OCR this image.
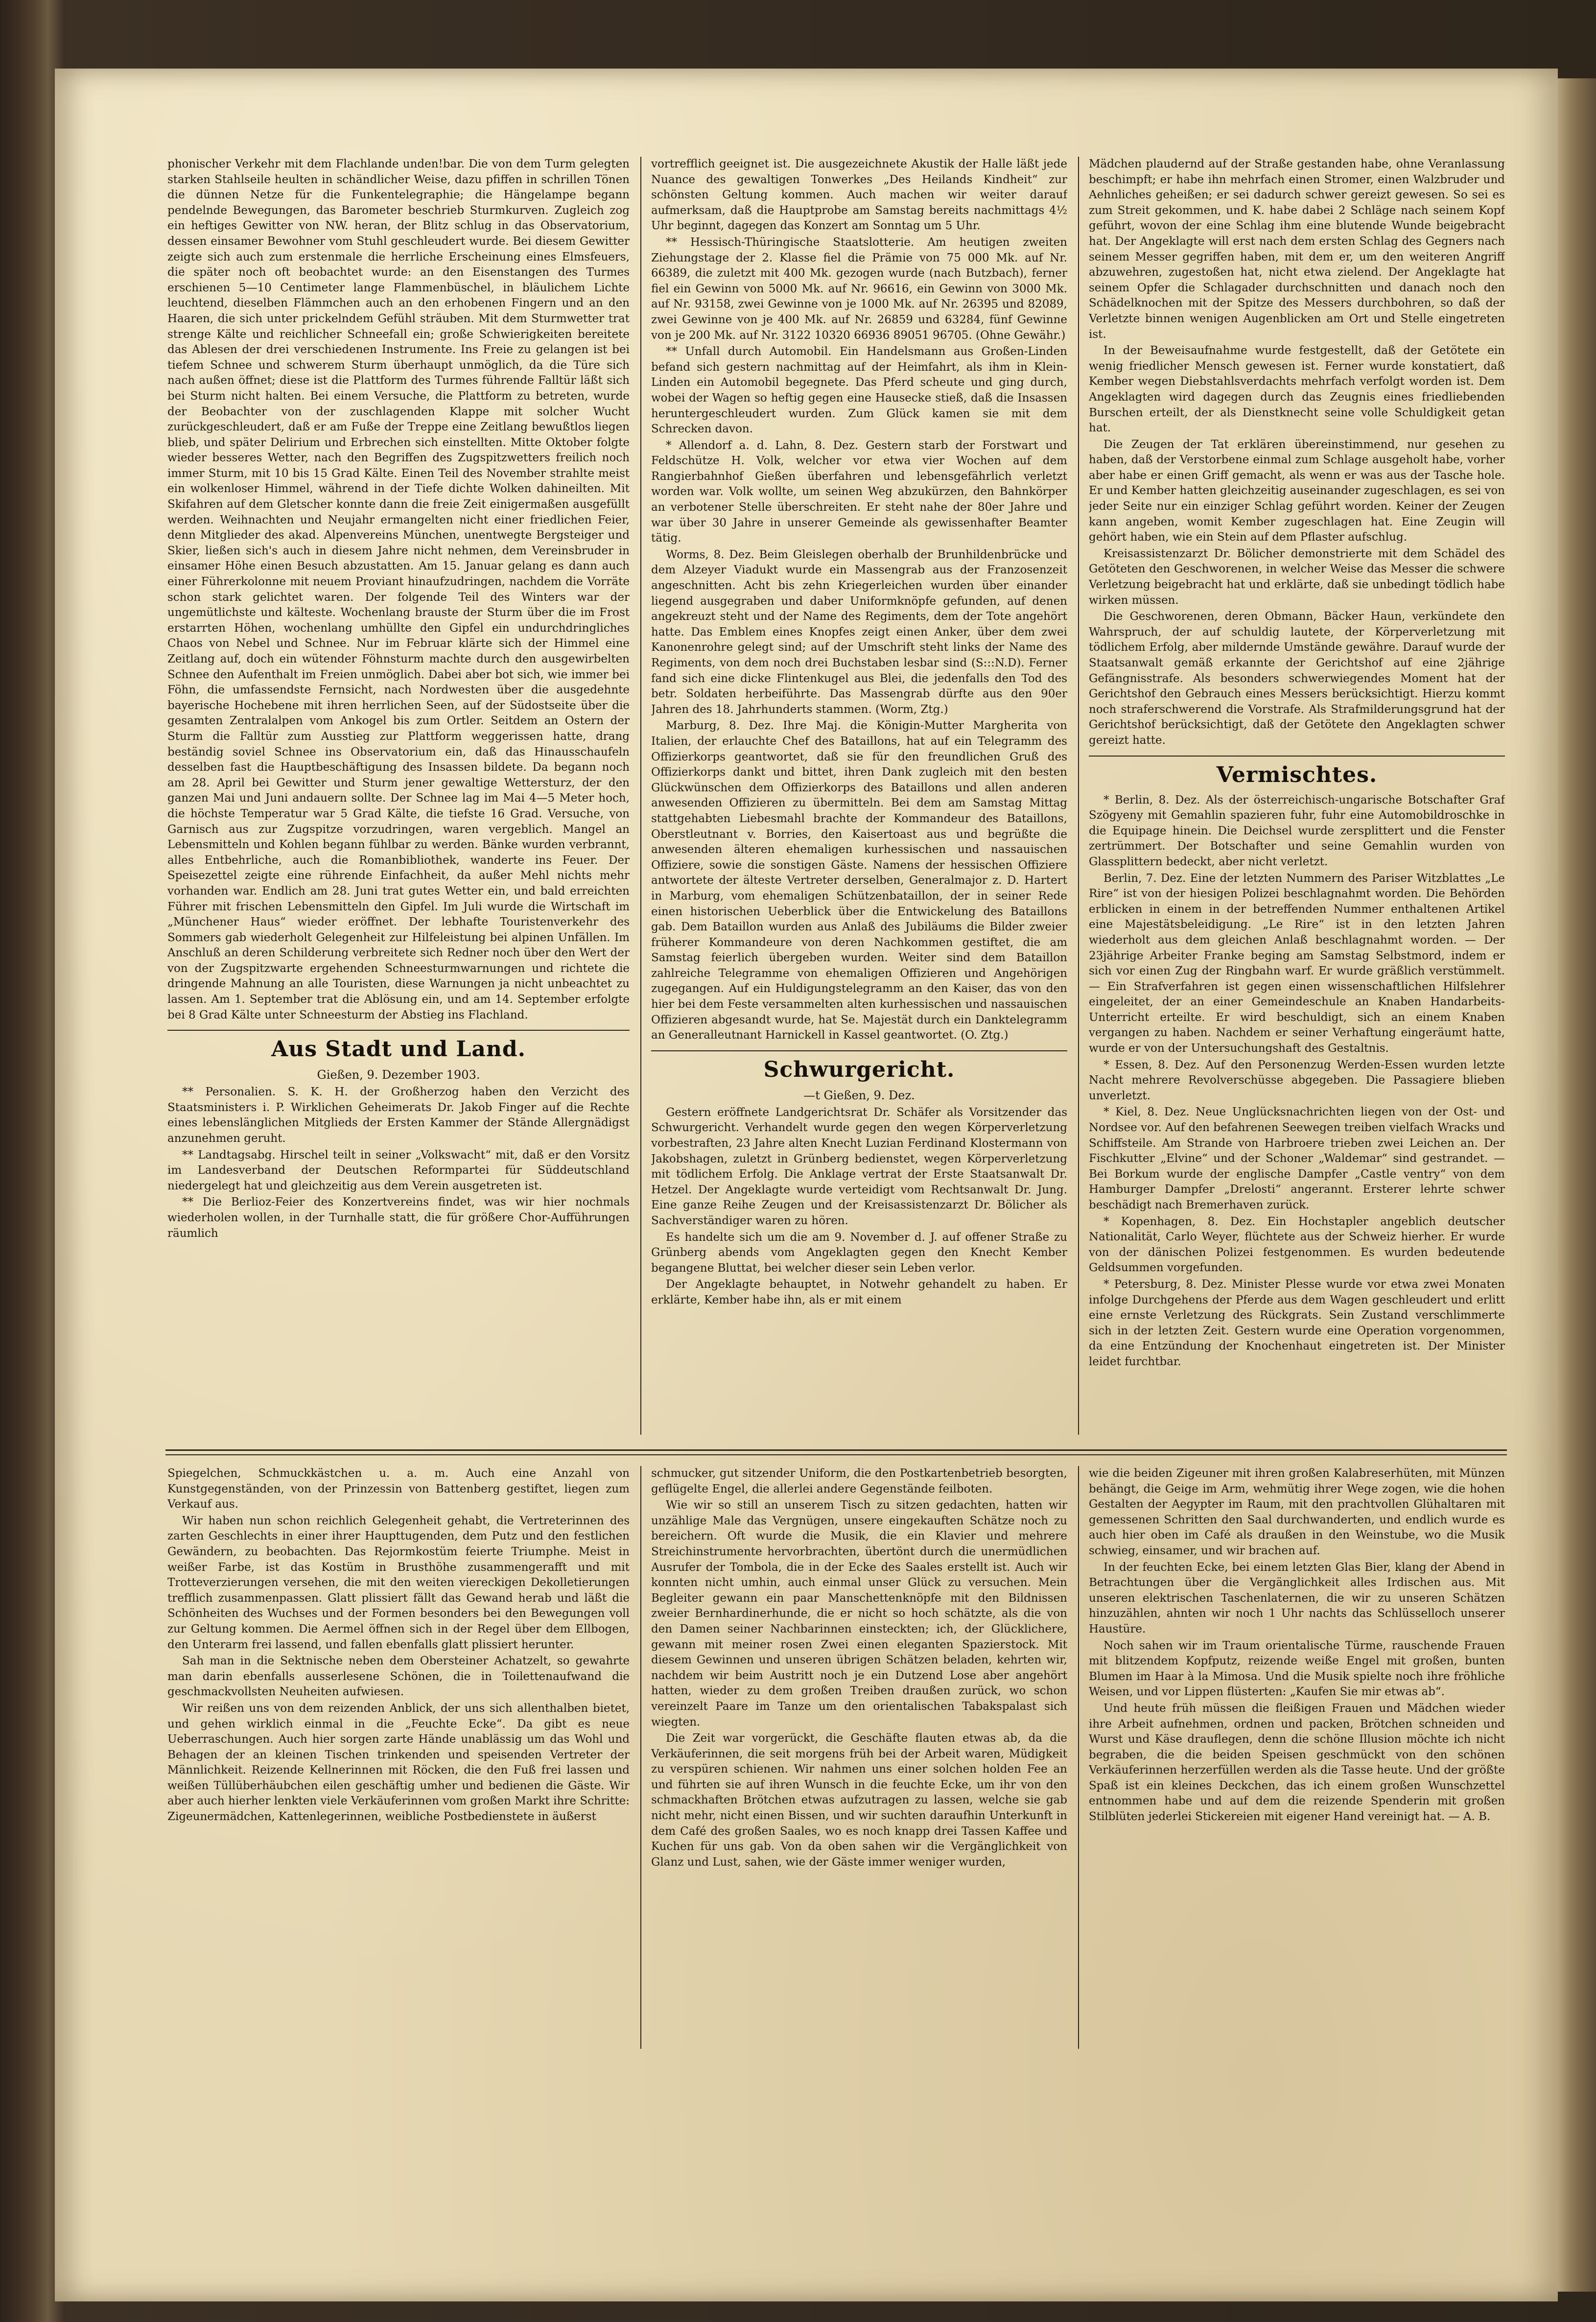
phonischer Verkehr mit dem Flachlande unden!bar. Die von dem Turm gelegten starken Stahlseile heulten in schändlicher Weise, dazu pfiffen in schrillen Tönen die dünnen Netze für die Funkentelegraphie; die Hängelampe begann pendelnde Bewegungen, das Barometer beschrieb Sturmkurven. Zugleich zog ein heftiges Gewitter von NW. heran, der Blitz schlug in das Observatorium, dessen einsamer Bewohner vom Stuhl geschleudert wurde. Bei diesem Gewitter zeigte sich auch zum erstenmale die herrliche Erscheinung eines Elmsfeuers, die später noch oft beobachtet wurde: an den Eisenstangen des Turmes erschienen 5—10 Centimeter lange Flammenbüschel, in bläulichem Lichte leuchtend, dieselben Flämmchen auch an den erhobenen Fingern und an den Haaren, die sich unter prickelndem Gefühl sträuben. Mit dem Sturmwetter trat strenge Kälte und reichlicher Schneefall ein; große Schwierigkeiten bereitete das Ablesen der drei verschiedenen Instrumente. Ins Freie zu gelangen ist bei tiefem Schnee und schwerem Sturm überhaupt unmöglich, da die Türe sich nach außen öffnet; diese ist die Plattform des Turmes führende Falltür läßt sich bei Sturm nicht halten. Bei einem Versuche, die Plattform zu betreten, wurde der Beobachter von der zuschlagenden Klappe mit solcher Wucht zurückgeschleudert, daß er am Fuße der Treppe eine Zeitlang bewußtlos liegen blieb, und später Delirium und Erbrechen sich einstellten. Mitte Oktober folgte wieder besseres Wetter, nach den Begriffen des Zugspitzwetters freilich noch immer Sturm, mit 10 bis 15 Grad Kälte. Einen Teil des November strahlte meist ein wolkenloser Himmel, während in der Tiefe dichte Wolken dahineilten. Mit Skifahren auf dem Gletscher konnte dann die freie Zeit einigermaßen ausgefüllt werden. Weihnachten und Neujahr ermangelten nicht einer friedlichen Feier, denn Mitglieder des akad. Alpenvereins München, unentwegte Bergsteiger und Skier, ließen sich's auch in diesem Jahre nicht nehmen, dem Vereinsbruder in einsamer Höhe einen Besuch abzustatten. Am 15. Januar gelang es dann auch einer Führerkolonne mit neuem Proviant hinaufzudringen, nachdem die Vorräte schon stark gelichtet waren. Der folgende Teil des Winters war der ungemütlichste und kälteste. Wochenlang brauste der Sturm über die im Frost erstarrten Höhen, wochenlang umhüllte den Gipfel ein undurchdringliches Chaos von Nebel und Schnee. Nur im Februar klärte sich der Himmel eine Zeitlang auf, doch ein wütender Föhnsturm machte durch den ausgewirbelten Schnee den Aufenthalt im Freien unmöglich. Dabei aber bot sich, wie immer bei Föhn, die umfassendste Fernsicht, nach Nordwesten über die ausgedehnte bayerische Hochebene mit ihren herrlichen Seen, auf der Südostseite über die gesamten Zentralalpen vom Ankogel bis zum Ortler. Seitdem an Ostern der Sturm die Falltür zum Ausstieg zur Plattform weggerissen hatte, drang beständig soviel Schnee ins Observatorium ein, daß das Hinausschaufeln desselben fast die Hauptbeschäftigung des Insassen bildete. Da begann noch am 28. April bei Gewitter und Sturm jener gewaltige Wettersturz, der den ganzen Mai und Juni andauern sollte. Der Schnee lag im Mai 4—5 Meter hoch, die höchste Temperatur war 5 Grad Kälte, die tiefste 16 Grad. Versuche, von Garnisch aus zur Zugspitze vorzudringen, waren vergeblich. Mangel an Lebensmitteln und Kohlen begann fühlbar zu werden. Bänke wurden verbrannt, alles Entbehrliche, auch die Romanbibliothek, wanderte ins Feuer. Der Speisezettel zeigte eine rührende Einfachheit, da außer Mehl nichts mehr vorhanden war. Endlich am 28. Juni trat gutes Wetter ein, und bald erreichten Führer mit frischen Lebensmitteln den Gipfel. Im Juli wurde die Wirtschaft im „Münchener Haus“ wieder eröffnet. Der lebhafte Touristenverkehr des Sommers gab wiederholt Gelegenheit zur Hilfeleistung bei alpinen Unfällen. Im Anschluß an deren Schilderung verbreitete sich Redner noch über den Wert der von der Zugspitzwarte ergehenden Schneesturmwarnungen und richtete die dringende Mahnung an alle Touristen, diese Warnungen ja nicht unbeachtet zu lassen. Am 1. September trat die Ablösung ein, und am 14. September erfolgte bei 8 Grad Kälte unter Schneesturm der Abstieg ins Flachland.

Aus Stadt und Land.
Gießen, 9. Dezember 1903.

** Personalien. S. K. H. der Großherzog haben den Verzicht des Staatsministers i. P. Wirklichen Geheimerats Dr. Jakob Finger auf die Rechte eines lebenslänglichen Mitglieds der Ersten Kammer der Stände Allergnädigst anzunehmen geruht.

** Landtagsabg. Hirschel teilt in seiner „Volkswacht“ mit, daß er den Vorsitz im Landesverband der Deutschen Reformpartei für Süddeutschland niedergelegt hat und gleichzeitig aus dem Verein ausgetreten ist.

** Die Berlioz-Feier des Konzertvereins findet, was wir hier nochmals wiederholen wollen, in der Turnhalle statt, die für größere Chor-Aufführungen räumlich

vortrefflich geeignet ist. Die ausgezeichnete Akustik der Halle läßt jede Nuance des gewaltigen Tonwerkes „Des Heilands Kindheit“ zur schönsten Geltung kommen. Auch machen wir weiter darauf aufmerksam, daß die Hauptprobe am Samstag bereits nachmittags 4½ Uhr beginnt, dagegen das Konzert am Sonntag um 5 Uhr.

** Hessisch-Thüringische Staatslotterie. Am heutigen zweiten Ziehungstage der 2. Klasse fiel die Prämie von 75 000 Mk. auf Nr. 66389, die zuletzt mit 400 Mk. gezogen wurde (nach Butzbach), ferner fiel ein Gewinn von 5000 Mk. auf Nr. 96616, ein Gewinn von 3000 Mk. auf Nr. 93158, zwei Gewinne von je 1000 Mk. auf Nr. 26395 und 82089, zwei Gewinne von je 400 Mk. auf Nr. 26859 und 63284, fünf Gewinne von je 200 Mk. auf Nr. 3122 10320 66936 89051 96705. (Ohne Gewähr.)

** Unfall durch Automobil. Ein Handelsmann aus Großen-Linden befand sich gestern nachmittag auf der Heimfahrt, als ihm in Klein-Linden ein Automobil begegnete. Das Pferd scheute und ging durch, wobei der Wagen so heftig gegen eine Hausecke stieß, daß die Insassen heruntergeschleudert wurden. Zum Glück kamen sie mit dem Schrecken davon.

* Allendorf a. d. Lahn, 8. Dez. Gestern starb der Forstwart und Feldschütze H. Volk, welcher vor etwa vier Wochen auf dem Rangierbahnhof Gießen überfahren und lebensgefährlich verletzt worden war. Volk wollte, um seinen Weg abzukürzen, den Bahnkörper an verbotener Stelle überschreiten. Er steht nahe der 80er Jahre und war über 30 Jahre in unserer Gemeinde als gewissenhafter Beamter tätig.

Worms, 8. Dez. Beim Gleislegen oberhalb der Brunhildenbrücke und dem Alzeyer Viadukt wurde ein Massengrab aus der Franzosenzeit angeschnitten. Acht bis zehn Kriegerleichen wurden über einander liegend ausgegraben und daber Uniformknöpfe gefunden, auf denen angekreuzt steht und der Name des Regiments, dem der Tote angehört hatte. Das Emblem eines Knopfes zeigt einen Anker, über dem zwei Kanonenrohre gelegt sind; auf der Umschrift steht links der Name des Regiments, von dem noch drei Buchstaben lesbar sind (S:::N.D). Ferner fand sich eine dicke Flintenkugel aus Blei, die jedenfalls den Tod des betr. Soldaten herbeiführte. Das Massengrab dürfte aus den 90er Jahren des 18. Jahrhunderts stammen. (Worm, Ztg.)

Marburg, 8. Dez. Ihre Maj. die Königin-Mutter Margherita von Italien, der erlauchte Chef des Bataillons, hat auf ein Telegramm des Offizierkorps geantwortet, daß sie für den freundlichen Gruß des Offizierkorps dankt und bittet, ihren Dank zugleich mit den besten Glückwünschen dem Offizierkorps des Bataillons und allen anderen anwesenden Offizieren zu übermitteln. Bei dem am Samstag Mittag stattgehabten Liebesmahl brachte der Kommandeur des Bataillons, Oberstleutnant v. Borries, den Kaisertoast aus und begrüßte die anwesenden älteren ehemaligen kurhessischen und nassauischen Offiziere, sowie die sonstigen Gäste. Namens der hessischen Offiziere antwortete der älteste Vertreter derselben, Generalmajor z. D. Hartert in Marburg, vom ehemaligen Schützenbataillon, der in seiner Rede einen historischen Ueberblick über die Entwickelung des Bataillons gab. Dem Bataillon wurden aus Anlaß des Jubiläums die Bilder zweier früherer Kommandeure von deren Nachkommen gestiftet, die am Samstag feierlich übergeben wurden. Weiter sind dem Bataillon zahlreiche Telegramme von ehemaligen Offizieren und Angehörigen zugegangen. Auf ein Huldigungstelegramm an den Kaiser, das von den hier bei dem Feste versammelten alten kurhessischen und nassauischen Offizieren abgesandt wurde, hat Se. Majestät durch ein Danktelegramm an Generalleutnant Harnickell in Kassel geantwortet. (O. Ztg.)

Schwurgericht.
—t Gießen, 9. Dez.

Gestern eröffnete Landgerichtsrat Dr. Schäfer als Vorsitzender das Schwurgericht. Verhandelt wurde gegen den wegen Körperverletzung vorbestraften, 23 Jahre alten Knecht Luzian Ferdinand Klostermann von Jakobshagen, zuletzt in Grünberg bedienstet, wegen Körperverletzung mit tödlichem Erfolg. Die Anklage vertrat der Erste Staatsanwalt Dr. Hetzel. Der Angeklagte wurde verteidigt vom Rechtsanwalt Dr. Jung. Eine ganze Reihe Zeugen und der Kreisassistenzarzt Dr. Bölicher als Sachverständiger waren zu hören.

Es handelte sich um die am 9. November d. J. auf offener Straße zu Grünberg abends vom Angeklagten gegen den Knecht Kember begangene Bluttat, bei welcher dieser sein Leben verlor.

Der Angeklagte behauptet, in Notwehr gehandelt zu haben. Er erklärte, Kember habe ihn, als er mit einem

Mädchen plaudernd auf der Straße gestanden habe, ohne Veranlassung beschimpft; er habe ihn mehrfach einen Stromer, einen Walzbruder und Aehnliches geheißen; er sei dadurch schwer gereizt gewesen. So sei es zum Streit gekommen, und K. habe dabei 2 Schläge nach seinem Kopf geführt, wovon der eine Schlag ihm eine blutende Wunde beigebracht hat. Der Angeklagte will erst nach dem ersten Schlag des Gegners nach seinem Messer gegriffen haben, mit dem er, um den weiteren Angriff abzuwehren, zugestoßen hat, nicht etwa zielend. Der Angeklagte hat seinem Opfer die Schlagader durchschnitten und danach noch den Schädelknochen mit der Spitze des Messers durchbohren, so daß der Verletzte binnen wenigen Augenblicken am Ort und Stelle eingetreten ist.

In der Beweisaufnahme wurde festgestellt, daß der Getötete ein wenig friedlicher Mensch gewesen ist. Ferner wurde konstatiert, daß Kember wegen Diebstahlsverdachts mehrfach verfolgt worden ist. Dem Angeklagten wird dagegen durch das Zeugnis eines friedliebenden Burschen erteilt, der als Dienstknecht seine volle Schuldigkeit getan hat.

Die Zeugen der Tat erklären übereinstimmend, nur gesehen zu haben, daß der Verstorbene einmal zum Schlage ausgeholt habe, vorher aber habe er einen Griff gemacht, als wenn er was aus der Tasche hole. Er und Kember hatten gleichzeitig auseinander zugeschlagen, es sei von jeder Seite nur ein einziger Schlag geführt worden. Keiner der Zeugen kann angeben, womit Kember zugeschlagen hat. Eine Zeugin will gehört haben, wie ein Stein auf dem Pflaster aufschlug.

Kreisassistenzarzt Dr. Bölicher demonstrierte mit dem Schädel des Getöteten den Geschworenen, in welcher Weise das Messer die schwere Verletzung beigebracht hat und erklärte, daß sie unbedingt tödlich habe wirken müssen.

Die Geschworenen, deren Obmann, Bäcker Haun, verkündete den Wahrspruch, der auf schuldig lautete, der Körperverletzung mit tödlichem Erfolg, aber mildernde Umstände gewähre. Darauf wurde der Staatsanwalt gemäß erkannte der Gerichtshof auf eine 2jährige Gefängnisstrafe. Als besonders schwerwiegendes Moment hat der Gerichtshof den Gebrauch eines Messers berücksichtigt. Hierzu kommt noch straferschwerend die Vorstrafe. Als Strafmilderungsgrund hat der Gerichtshof berücksichtigt, daß der Getötete den Angeklagten schwer gereizt hatte.

Vermischtes.

* Berlin, 8. Dez. Als der österreichisch-ungarische Botschafter Graf Szögyeny mit Gemahlin spazieren fuhr, fuhr eine Automobildroschke in die Equipage hinein. Die Deichsel wurde zersplittert und die Fenster zertrümmert. Der Botschafter und seine Gemahlin wurden von Glassplittern bedeckt, aber nicht verletzt.

Berlin, 7. Dez. Eine der letzten Nummern des Pariser Witzblattes „Le Rire“ ist von der hiesigen Polizei beschlagnahmt worden. Die Behörden erblicken in einem in der betreffenden Nummer enthaltenen Artikel eine Majestätsbeleidigung. „Le Rire“ ist in den letzten Jahren wiederholt aus dem gleichen Anlaß beschlagnahmt worden. — Der 23jährige Arbeiter Franke beging am Samstag Selbstmord, indem er sich vor einen Zug der Ringbahn warf. Er wurde gräßlich verstümmelt. — Ein Strafverfahren ist gegen einen wissenschaftlichen Hilfslehrer eingeleitet, der an einer Gemeindeschule an Knaben Handarbeits-Unterricht erteilte. Er wird beschuldigt, sich an einem Knaben vergangen zu haben. Nachdem er seiner Verhaftung eingeräumt hatte, wurde er von der Untersuchungshaft des Gestaltnis.

* Essen, 8. Dez. Auf den Personenzug Werden-Essen wurden letzte Nacht mehrere Revolverschüsse abgegeben. Die Passagiere blieben unverletzt.

* Kiel, 8. Dez. Neue Unglücksnachrichten liegen von der Ost- und Nordsee vor. Auf den befahrenen Seewegen treiben vielfach Wracks und Schiffsteile. Am Strande von Harbroere trieben zwei Leichen an. Der Fischkutter „Elvine“ und der Schoner „Waldemar“ sind gestrandet. — Bei Borkum wurde der englische Dampfer „Castle ventry“ von dem Hamburger Dampfer „Drelosti“ angerannt. Ersterer lehrte schwer beschädigt nach Bremerhaven zurück.

* Kopenhagen, 8. Dez. Ein Hochstapler angeblich deutscher Nationalität, Carlo Weyer, flüchtete aus der Schweiz hierher. Er wurde von der dänischen Polizei festgenommen. Es wurden bedeutende Geldsummen vorgefunden.

* Petersburg, 8. Dez. Minister Plesse wurde vor etwa zwei Monaten infolge Durchgehens der Pferde aus dem Wagen geschleudert und erlitt eine ernste Verletzung des Rückgrats. Sein Zustand verschlimmerte sich in der letzten Zeit. Gestern wurde eine Operation vorgenommen, da eine Entzündung der Knochenhaut eingetreten ist. Der Minister leidet furchtbar.

Spiegelchen, Schmuckkästchen u. a. m. Auch eine Anzahl von Kunstgegenständen, von der Prinzessin von Battenberg gestiftet, liegen zum Verkauf aus.

Wir haben nun schon reichlich Gelegenheit gehabt, die Vertreterinnen des zarten Geschlechts in einer ihrer Haupttugenden, dem Putz und den festlichen Gewändern, zu beobachten. Das Rejormkostüm feierte Triumphe. Meist in weißer Farbe, ist das Kostüm in Brusthöhe zusammengerafft und mit Trotteverzierungen versehen, die mit den weiten viereckigen Dekolletierungen trefflich zusammenpassen. Glatt plissiert fällt das Gewand herab und läßt die Schönheiten des Wuchses und der Formen besonders bei den Bewegungen voll zur Geltung kommen. Die Aermel öffnen sich in der Regel über dem Ellbogen, den Unterarm frei lassend, und fallen ebenfalls glatt plissiert herunter.

Sah man in die Sektnische neben dem Obersteiner Achatzelt, so gewahrte man darin ebenfalls ausserlesene Schönen, die in Toilettenaufwand die geschmackvollsten Neuheiten aufwiesen.

Wir reißen uns von dem reizenden Anblick, der uns sich allenthalben bietet, und gehen wirklich einmal in die „Feuchte Ecke“. Da gibt es neue Ueberraschungen. Auch hier sorgen zarte Hände unablässig um das Wohl und Behagen der an kleinen Tischen trinkenden und speisenden Vertreter der Männlichkeit. Reizende Kellnerinnen mit Röcken, die den Fuß frei lassen und weißen Tüllüberhäubchen eilen geschäftig umher und bedienen die Gäste. Wir aber auch hierher lenkten viele Verkäuferinnen vom großen Markt ihre Schritte: Zigeunermädchen, Kattenlegerinnen, weibliche Postbedienstete in äußerst

schmucker, gut sitzender Uniform, die den Postkartenbetrieb besorgten, geflügelte Engel, die allerlei andere Gegenstände feilboten.

Wie wir so still an unserem Tisch zu sitzen gedachten, hatten wir unzählige Male das Vergnügen, unsere eingekauften Schätze noch zu bereichern. Oft wurde die Musik, die ein Klavier und mehrere Streichinstrumente hervorbrachten, übertönt durch die unermüdlichen Ausrufer der Tombola, die in der Ecke des Saales erstellt ist. Auch wir konnten nicht umhin, auch einmal unser Glück zu versuchen. Mein Begleiter gewann ein paar Manschettenknöpfe mit den Bildnissen zweier Bernhardinerhunde, die er nicht so hoch schätzte, als die von den Damen seiner Nachbarinnen einsteckten; ich, der Glücklichere, gewann mit meiner rosen Zwei einen eleganten Spazierstock. Mit diesem Gewinnen und unseren übrigen Schätzen beladen, kehrten wir, nachdem wir beim Austritt noch je ein Dutzend Lose aber angehört hatten, wieder zu dem großen Treiben draußen zurück, wo schon vereinzelt Paare im Tanze um den orientalischen Tabakspalast sich wiegten.

Die Zeit war vorgerückt, die Geschäfte flauten etwas ab, da die Verkäuferinnen, die seit morgens früh bei der Arbeit waren, Müdigkeit zu verspüren schienen. Wir nahmen uns einer solchen holden Fee an und führten sie auf ihren Wunsch in die feuchte Ecke, um ihr von den schmackhaften Brötchen etwas aufzutragen zu lassen, welche sie gab nicht mehr, nicht einen Bissen, und wir suchten daraufhin Unterkunft in dem Café des großen Saales, wo es noch knapp drei Tassen Kaffee und Kuchen für uns gab. Von da oben sahen wir die Vergänglichkeit von Glanz und Lust, sahen, wie der Gäste immer weniger wurden,

wie die beiden Zigeuner mit ihren großen Kalabreserhüten, mit Münzen behängt, die Geige im Arm, wehmütig ihrer Wege zogen, wie die hohen Gestalten der Aegypter im Raum, mit den prachtvollen Glühaltaren mit gemessenen Schritten den Saal durchwanderten, und endlich wurde es auch hier oben im Café als draußen in den Weinstube, wo die Musik schwieg, einsamer, und wir brachen auf.

In der feuchten Ecke, bei einem letzten Glas Bier, klang der Abend in Betrachtungen über die Vergänglichkeit alles Irdischen aus. Mit unseren elektrischen Taschenlaternen, die wir zu unseren Schätzen hinzuzählen, ahnten wir noch 1 Uhr nachts das Schlüsselloch unserer Haustüre.

Noch sahen wir im Traum orientalische Türme, rauschende Frauen mit blitzendem Kopfputz, reizende weiße Engel mit großen, bunten Blumen im Haar à la Mimosa. Und die Musik spielte noch ihre fröhliche Weisen, und vor Lippen flüsterten: „Kaufen Sie mir etwas ab“.

Und heute früh müssen die fleißigen Frauen und Mädchen wieder ihre Arbeit aufnehmen, ordnen und packen, Brötchen schneiden und Wurst und Käse drauflegen, denn die schöne Illusion möchte ich nicht begraben, die die beiden Speisen geschmückt von den schönen Verkäuferinnen herzerfüllen werden als die Tasse heute. Und der größte Spaß ist ein kleines Deckchen, das ich einem großen Wunschzettel entnommen habe und auf dem die reizende Spenderin mit großen Stilblüten jederlei Stickereien mit eigener Hand vereinigt hat. — A. B.
